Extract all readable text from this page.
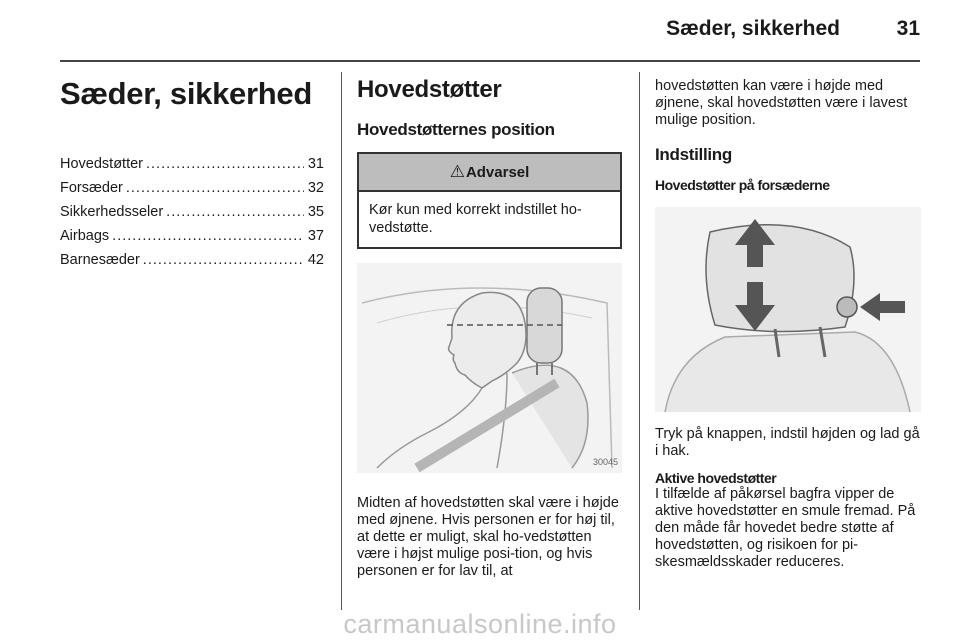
Sæder, sikkerhed	31
Sæder, sikkerhed
Hovedstøtter .....	31
Forsæder .....	32
Sikkerhedsseler .....	35
Airbags .....	37
Barnesæder .....	42
Hovedstøtter
Hovedstøtternes position
⚠ Advarsel
Kør kun med korrekt indstillet ho-vedstøtte.
30045
Midten af hovedstøtten skal være i højde med øjnene. Hvis personen er for høj til, at dette er muligt, skal ho-vedstøtten være i højst mulige posi-tion, og hvis personen er for lav til, at
hovedstøtten kan være i højde med øjnene, skal hovedstøtten være i lavest mulige position.
Indstilling
Hovedstøtter på forsæderne
Tryk på knappen, indstil højden og lad gå i hak.
Aktive hovedstøtter
I tilfælde af påkørsel bagfra vipper de aktive hovedstøtter en smule fremad. På den måde får hovedet bedre støtte af hovedstøtten, og risikoen for pi-skesmældsskader reduceres.
carmanualsonline.info
